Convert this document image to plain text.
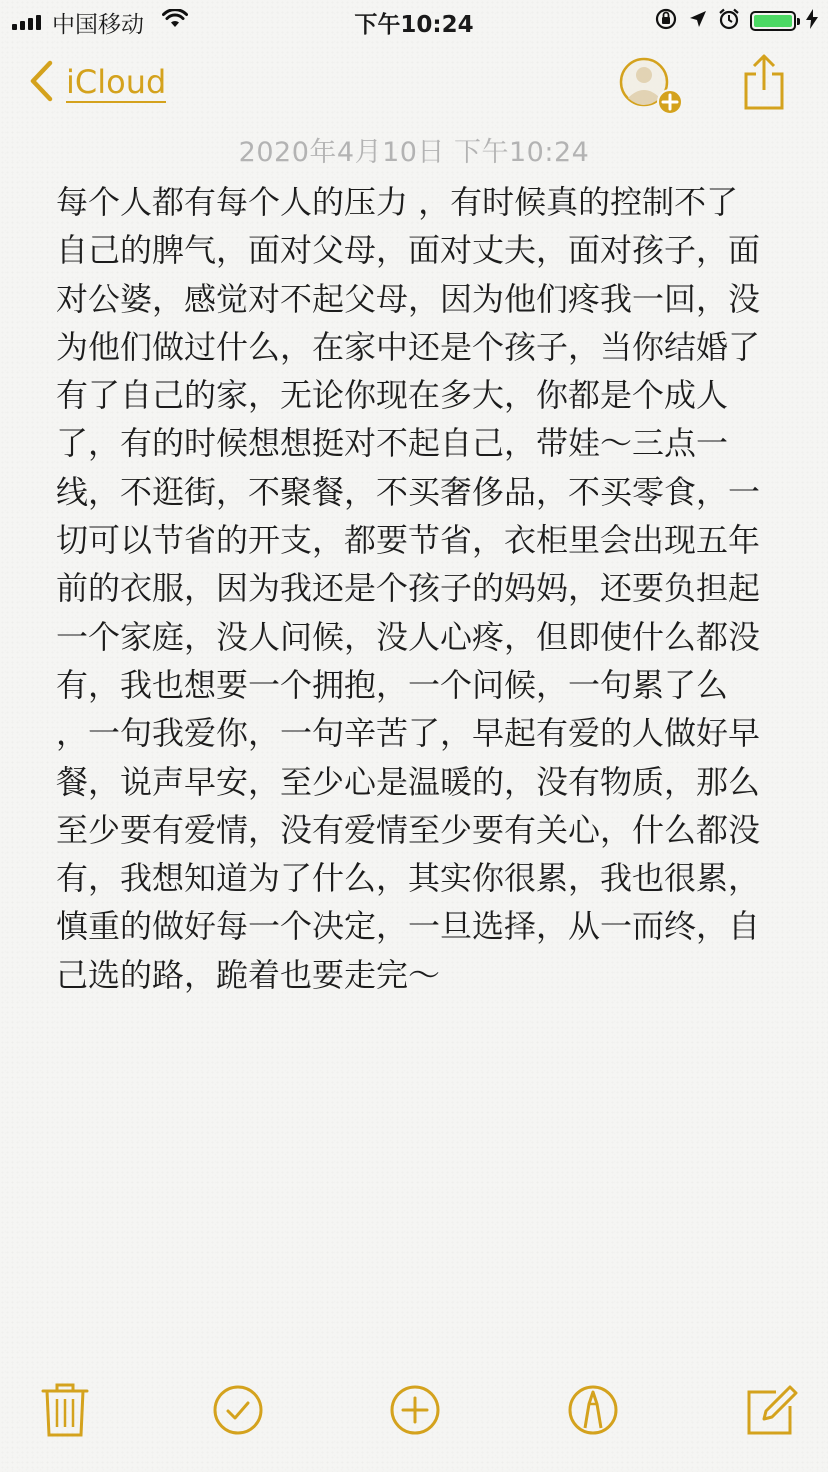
中国移动	下午10:24
iCloud
2020年4月10日 下午10:24
每个人都有每个人的压力 ，有时候真的控制不了自己的脾气，面对父母，面对丈夫，面对孩子，面对公婆，感觉对不起父母，因为他们疼我一回，没为他们做过什么，在家中还是个孩子，当你结婚了有了自己的家，无论你现在多大，你都是个成人了，有的时候想想挺对不起自己，带娃～三点一线，不逛街，不聚餐，不买奢侈品，不买零食，一切可以节省的开支，都要节省，衣柜里会出现五年前的衣服，因为我还是个孩子的妈妈，还要负担起一个家庭，没人问候，没人心疼，但即使什么都没有，我也想要一个拥抱，一个问候，一句累了么 ，一句我爱你，一句辛苦了，早起有爱的人做好早餐，说声早安，至少心是温暖的，没有物质，那么至少要有爱情，没有爱情至少要有关心，什么都没有，我想知道为了什么，其实你很累，我也很累，慎重的做好每一个决定，一旦选择，从一而终，自己选的路，跪着也要走完～
